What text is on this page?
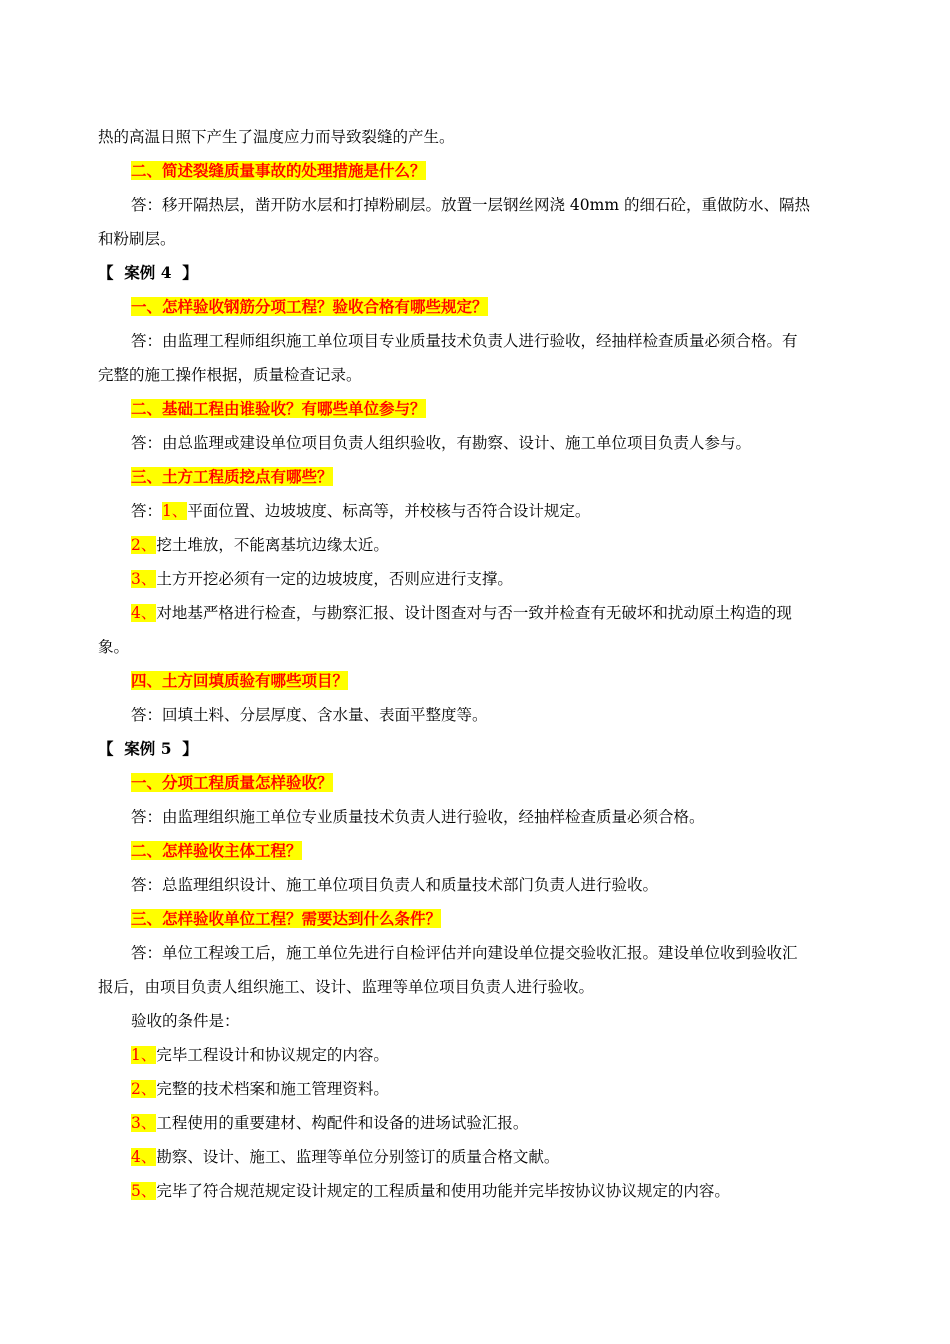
热的高温日照下产生了温度应力而导致裂缝的产生。
二、简述裂缝质量事故的处理措施是什么？
答：移开隔热层，凿开防水层和打掉粉刷层。放置一层钢丝网浇 40mm 的细石砼，重做防水、隔热
和粉刷层。
【  案例 4  】
一、怎样验收钢筋分项工程？验收合格有哪些规定？
答：由监理工程师组织施工单位项目专业质量技术负责人进行验收，经抽样检查质量必须合格。有
完整的施工操作根据，质量检查记录。
二、基础工程由谁验收？有哪些单位参与？
答：由总监理或建设单位项目负责人组织验收，有勘察、设计、施工单位项目负责人参与。
三、土方工程质挖点有哪些？
答：1、平面位置、边坡坡度、标高等，并校核与否符合设计规定。
2、挖土堆放，不能离基坑边缘太近。
3、土方开挖必须有一定的边坡坡度，否则应进行支撑。
4、对地基严格进行检查，与勘察汇报、设计图查对与否一致并检查有无破坏和扰动原土构造的现
象。
四、土方回填质验有哪些项目？
答：回填土料、分层厚度、含水量、表面平整度等。
【  案例 5  】
一、分项工程质量怎样验收？
答：由监理组织施工单位专业质量技术负责人进行验收，经抽样检查质量必须合格。
二、怎样验收主体工程？
答：总监理组织设计、施工单位项目负责人和质量技术部门负责人进行验收。
三、怎样验收单位工程？需要达到什么条件？
答：单位工程竣工后，施工单位先进行自检评估并向建设单位提交验收汇报。建设单位收到验收汇
报后，由项目负责人组织施工、设计、监理等单位项目负责人进行验收。
验收的条件是：
1、完毕工程设计和协议规定的内容。
2、完整的技术档案和施工管理资料。
3、工程使用的重要建材、构配件和设备的进场试验汇报。
4、勘察、设计、施工、监理等单位分别签订的质量合格文献。
5、完毕了符合规范规定设计规定的工程质量和使用功能并完毕按协议协议规定的内容。
